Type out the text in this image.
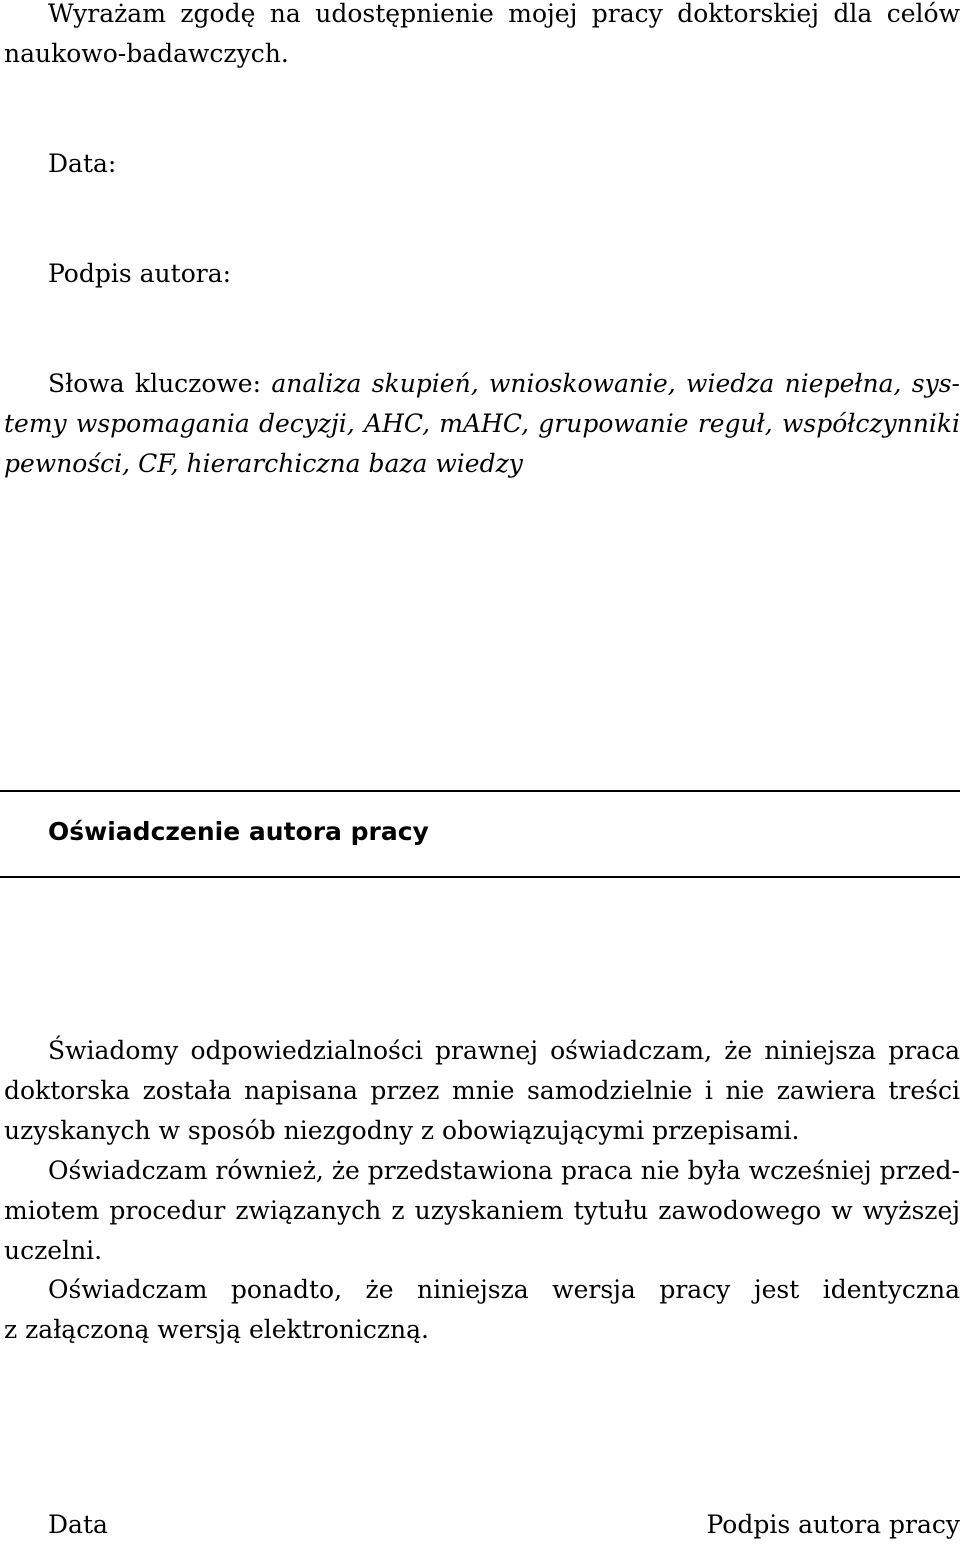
Wyrażam zgodę na udostępnienie mojej pracy doktorskiej dla celów
naukowo-badawczych.
Data:
Podpis autora:
Słowa kluczowe: analiza skupień, wnioskowanie, wiedza niepełna, sys-
temy wspomagania decyzji, AHC, mAHC, grupowanie reguł, współczynniki
pewności, CF, hierarchiczna baza wiedzy
Oświadczenie autora pracy
Świadomy odpowiedzialności prawnej oświadczam, że niniejsza praca
doktorska została napisana przez mnie samodzielnie i nie zawiera treści
uzyskanych w sposób niezgodny z obowiązującymi przepisami.
Oświadczam również, że przedstawiona praca nie była wcześniej przed-
miotem procedur związanych z uzyskaniem tytułu zawodowego w wyższej
uczelni.
Oświadczam ponadto, że niniejsza wersja pracy jest identyczna
z załączoną wersją elektroniczną.
Data	Podpis autora pracy
